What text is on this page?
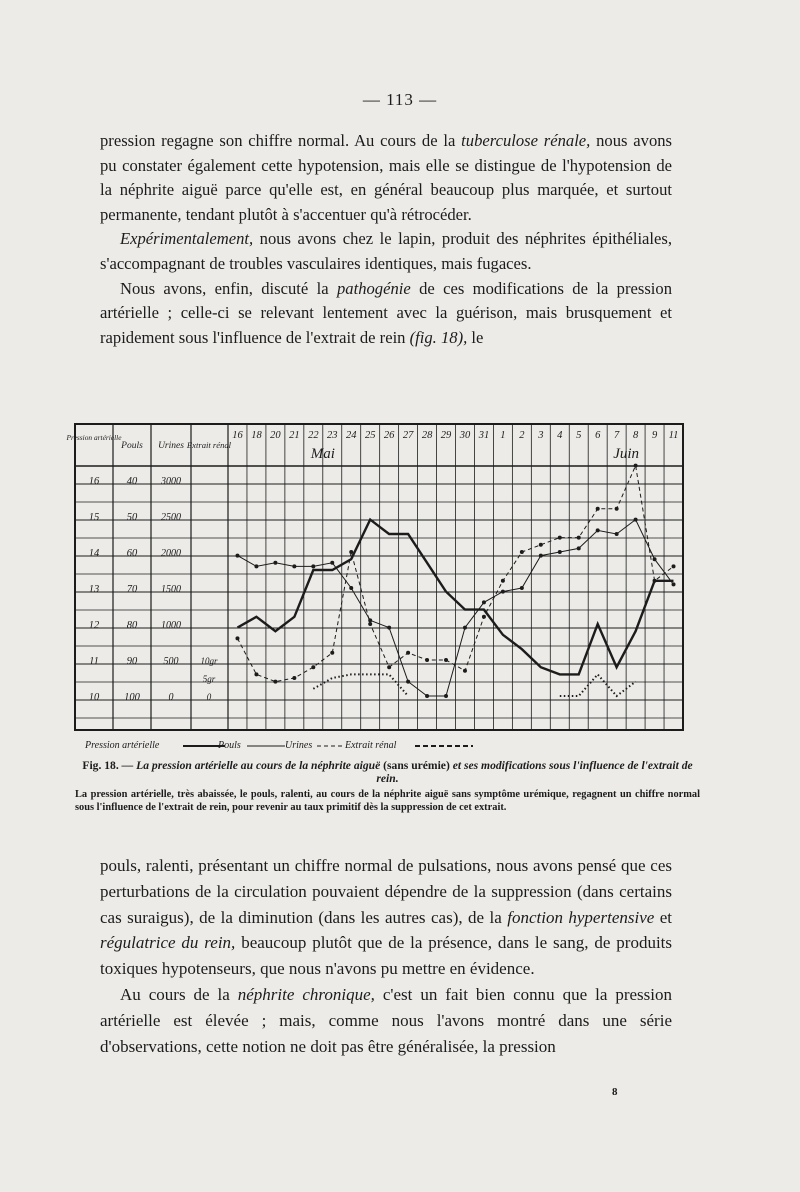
— 113 —

pression regagne son chiffre normal. Au cours de la tuberculose rénale, nous avons pu constater également cette hypotension, mais elle se distingue de l'hypotension de la néphrite aiguë parce qu'elle est, en général beaucoup plus marquée, et surtout permanente, tendant plutôt à s'accentuer qu'à rétrocéder.

Expérimentalement, nous avons chez le lapin, produit des néphrites épithéliales, s'accompagnant de troubles vasculaires identiques, mais fugaces.

Nous avons, enfin, discuté la pathogénie de ces modifications de la pression artérielle ; celle-ci se relevant lentement avec la guérison, mais brusquement et rapidement sous l'influence de l'extrait de rein (fig. 18), le

Pression artérielle
Pouls Urines Extrait rénal
16 18 20 21 22 23 24 25 26 27 28 29 30 31 1 2 3 4 5 6 7 8 9 11
Mai	Juin
16	40 3000
15	50 2500
14	60 2000
13	70 1500
12	80 1000
11	90	500 10gr
5gr
10 100	0	0
Pression artérielle	Pouls	Urines	Extrait rénal
Fig. 18. — La pression artérielle au cours de la néphrite aiguë (sans urémie) et ses modifications sous l'influence de l'extrait de rein.
La pression artérielle, très abaissée, le pouls, ralenti, au cours de la néphrite aiguë sans symptôme urémique, regagnent un chiffre normal sous l'influence de l'extrait de rein, pour revenir au taux primitif dès la suppression de cet extrait.

pouls, ralenti, présentant un chiffre normal de pulsations, nous avons pensé que ces perturbations de la circulation pouvaient dépendre de la suppression (dans certains cas suraigus), de la diminution (dans les autres cas), de la fonction hypertensive et régulatrice du rein, beaucoup plutôt que de la présence, dans le sang, de produits toxiques hypotenseurs, que nous n'avons pu mettre en évidence.

Au cours de la néphrite chronique, c'est un fait bien connu que la pression artérielle est élevée ; mais, comme nous l'avons montré dans une série d'observations, cette notion ne doit pas être généralisée, la pression

8
